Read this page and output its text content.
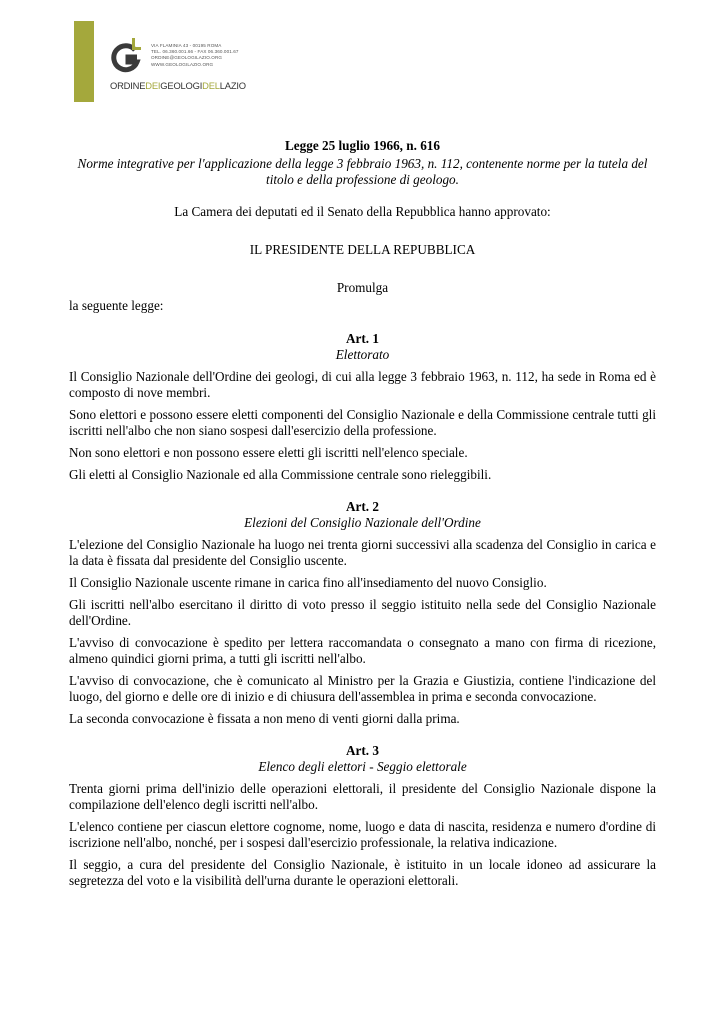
VIA FLAMINIA 43 - 00195 ROMA
TEL. 06.360.001.66 - FAX 06.360.001.67
ORDINE@GEOLOGILAZIO.ORG
WWW.GEOLOGILAZIO.ORG
ORDINEDEIGEOLOGIDELLAZIO

Legge 25 luglio 1966, n. 616

Norme integrative per l'applicazione della legge 3 febbraio 1963, n. 112, contenente norme per la tutela del titolo e della professione di geologo.

La Camera dei deputati ed il Senato della Repubblica hanno approvato:

IL PRESIDENTE DELLA REPUBBLICA

Promulga

la seguente legge:

Art. 1

Elettorato

Il Consiglio Nazionale dell'Ordine dei geologi, di cui alla legge 3 febbraio 1963, n. 112, ha sede in Roma ed è composto di nove membri.

Sono elettori e possono essere eletti componenti del Consiglio Nazionale e della Commissione centrale tutti gli iscritti nell'albo che non siano sospesi dall'esercizio della professione.

Non sono elettori e non possono essere eletti gli iscritti nell'elenco speciale.

Gli eletti al Consiglio Nazionale ed alla Commissione centrale sono rieleggibili.

Art. 2

Elezioni del Consiglio Nazionale dell'Ordine

L'elezione del Consiglio Nazionale ha luogo nei trenta giorni successivi alla scadenza del Consiglio in carica e la data è fissata dal presidente del Consiglio uscente.

Il Consiglio Nazionale uscente rimane in carica fino all'insediamento del nuovo Consiglio.

Gli iscritti nell'albo esercitano il diritto di voto presso il seggio istituito nella sede del Consiglio Nazionale dell'Ordine.

L'avviso di convocazione è spedito per lettera raccomandata o consegnato a mano con firma di ricezione, almeno quindici giorni prima, a tutti gli iscritti nell'albo.

L'avviso di convocazione, che è comunicato al Ministro per la Grazia e Giustizia, contiene l'indicazione del luogo, del giorno e delle ore di inizio e di chiusura dell'assemblea in prima e seconda convocazione.

La seconda convocazione è fissata a non meno di venti giorni dalla prima.

Art. 3

Elenco degli elettori - Seggio elettorale

Trenta giorni prima dell'inizio delle operazioni elettorali, il presidente del Consiglio Nazionale dispone la compilazione dell'elenco degli iscritti nell'albo.

L'elenco contiene per ciascun elettore cognome, nome, luogo e data di nascita, residenza e numero d'ordine di iscrizione nell'albo, nonché, per i sospesi dall'esercizio professionale, la relativa indicazione.

Il seggio, a cura del presidente del Consiglio Nazionale, è istituito in un locale idoneo ad assicurare la segretezza del voto e la visibilità dell'urna durante le operazioni elettorali.
